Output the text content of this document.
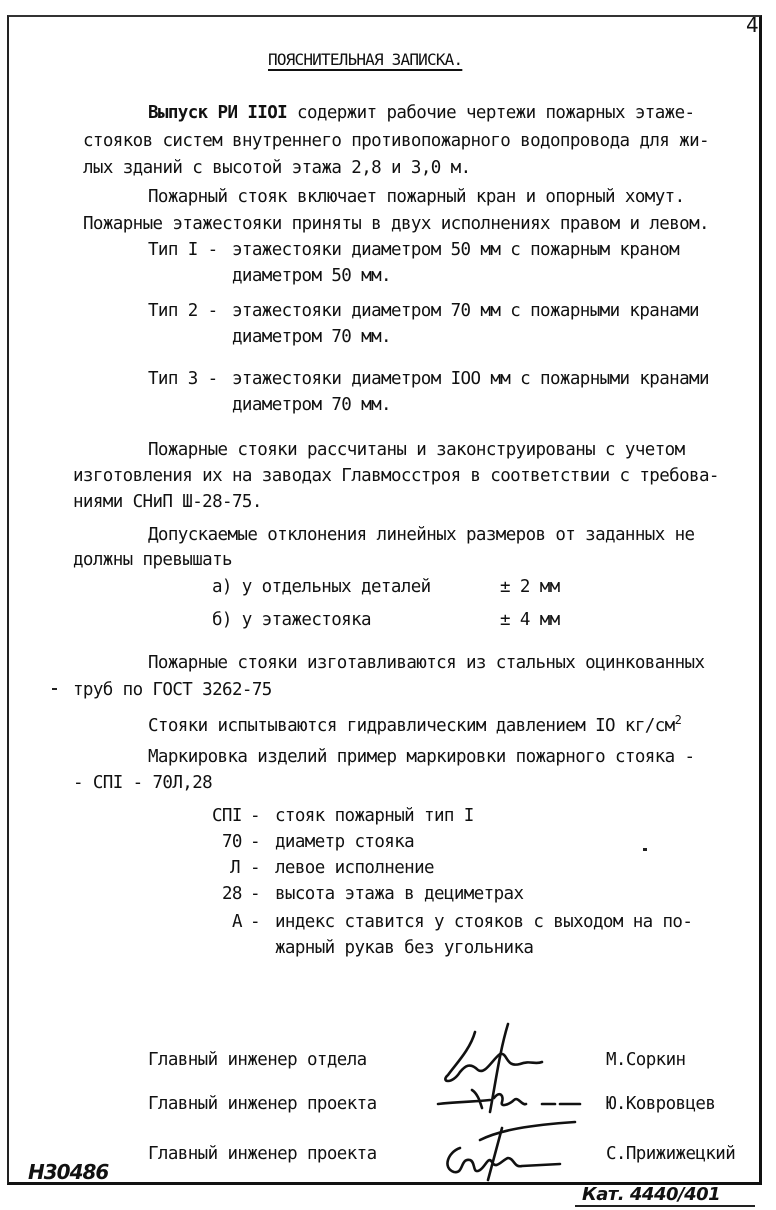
4
ПОЯСНИТЕЛЬНАЯ ЗАПИСКА.
Выпуск РИ IIOI содержит рабочие чертежи пожарных этаже-
стояков систем внутреннего противопожарного водопровода для жи-
лых зданий с высотой этажа 2,8 и 3,0 м.
Пожарный стояк включает пожарный кран и опорный хомут.
Пожарные этажестояки приняты в двух исполнениях правом и левом.
Тип I - этажестояки диаметром 50 мм с пожарным краном
диаметром 50 мм.
Тип 2 - этажестояки диаметром 70 мм с пожарными кранами
диаметром 70 мм.
Тип 3 - этажестояки диаметром IOO мм с пожарными кранами
диаметром 70 мм.
Пожарные стояки рассчитаны и законструированы с учетом
изготовления их на заводах Главмосстроя в соответствии с требова-
ниями СНиП Ш-28-75.
Допускаемые отклонения линейных размеров от заданных не
должны превышать
а) у отдельных деталей	± 2 мм
б) у этажестояка	± 4 мм
Пожарные стояки изготавливаются из стальных оцинкованных
труб по ГОСТ 3262-75
Стояки испытываются гидравлическим давлением IO $кг/см^2$
Маркировка изделий пример маркировки пожарного стояка -
- СПI - 70Л,28
СПI - стояк пожарный тип I
70 - диаметр стояка
Л - левое исполнение
28 - высота этажа в дециметрах
А - индекс ставится у стояков с выходом на по-
жарный рукав без угольника
Главный инженер отдела	М.Соркин
Главный инженер проекта	Ю.Ковровцев
Главный инженер проекта	С.Прижижецкий
H30486
Кат. 4440/401
